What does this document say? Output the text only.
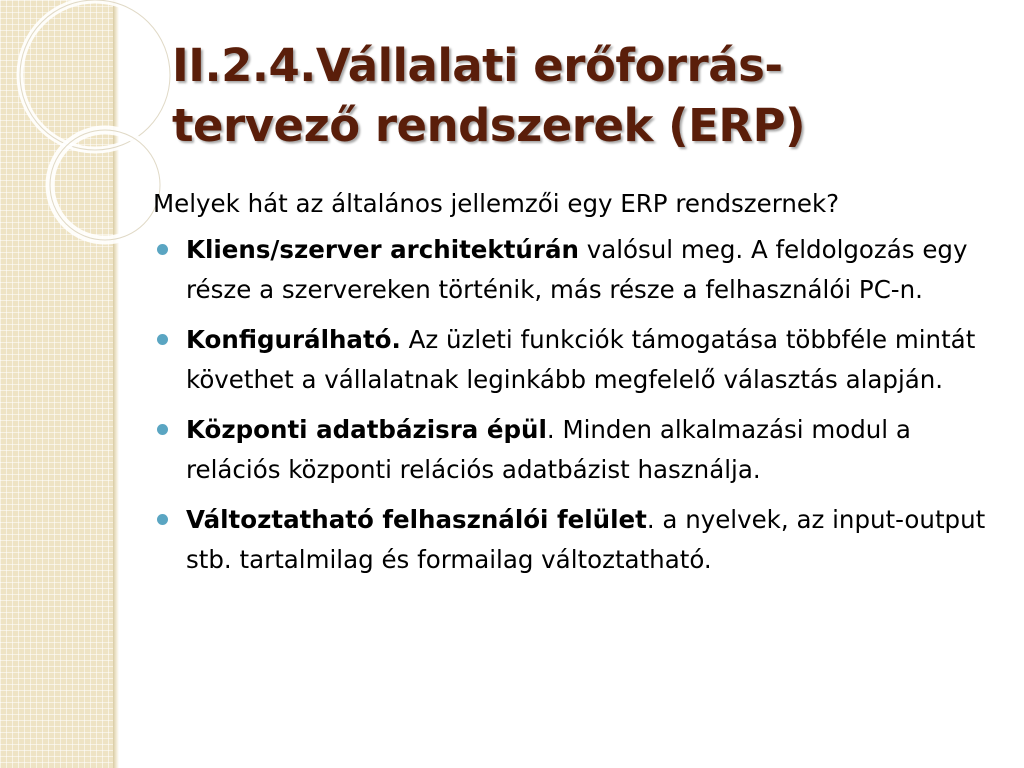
II.2.4.Vállalati erőforrás-
tervező rendszerek (ERP)

Melyek hát az általános jellemzői egy ERP rendszernek?

Kliens/szerver architektúrán valósul meg. A feldolgozás egy része a szervereken történik, más része a felhasználói PC-n.
Konfigurálható. Az üzleti funkciók támogatása többféle mintát követhet a vállalatnak leginkább megfelelő választás alapján.
Központi adatbázisra épül. Minden alkalmazási modul a relációs központi relációs adatbázist használja.
Változtatható felhasználói felület. a nyelvek, az input-output stb. tartalmilag és formailag változtatható.
